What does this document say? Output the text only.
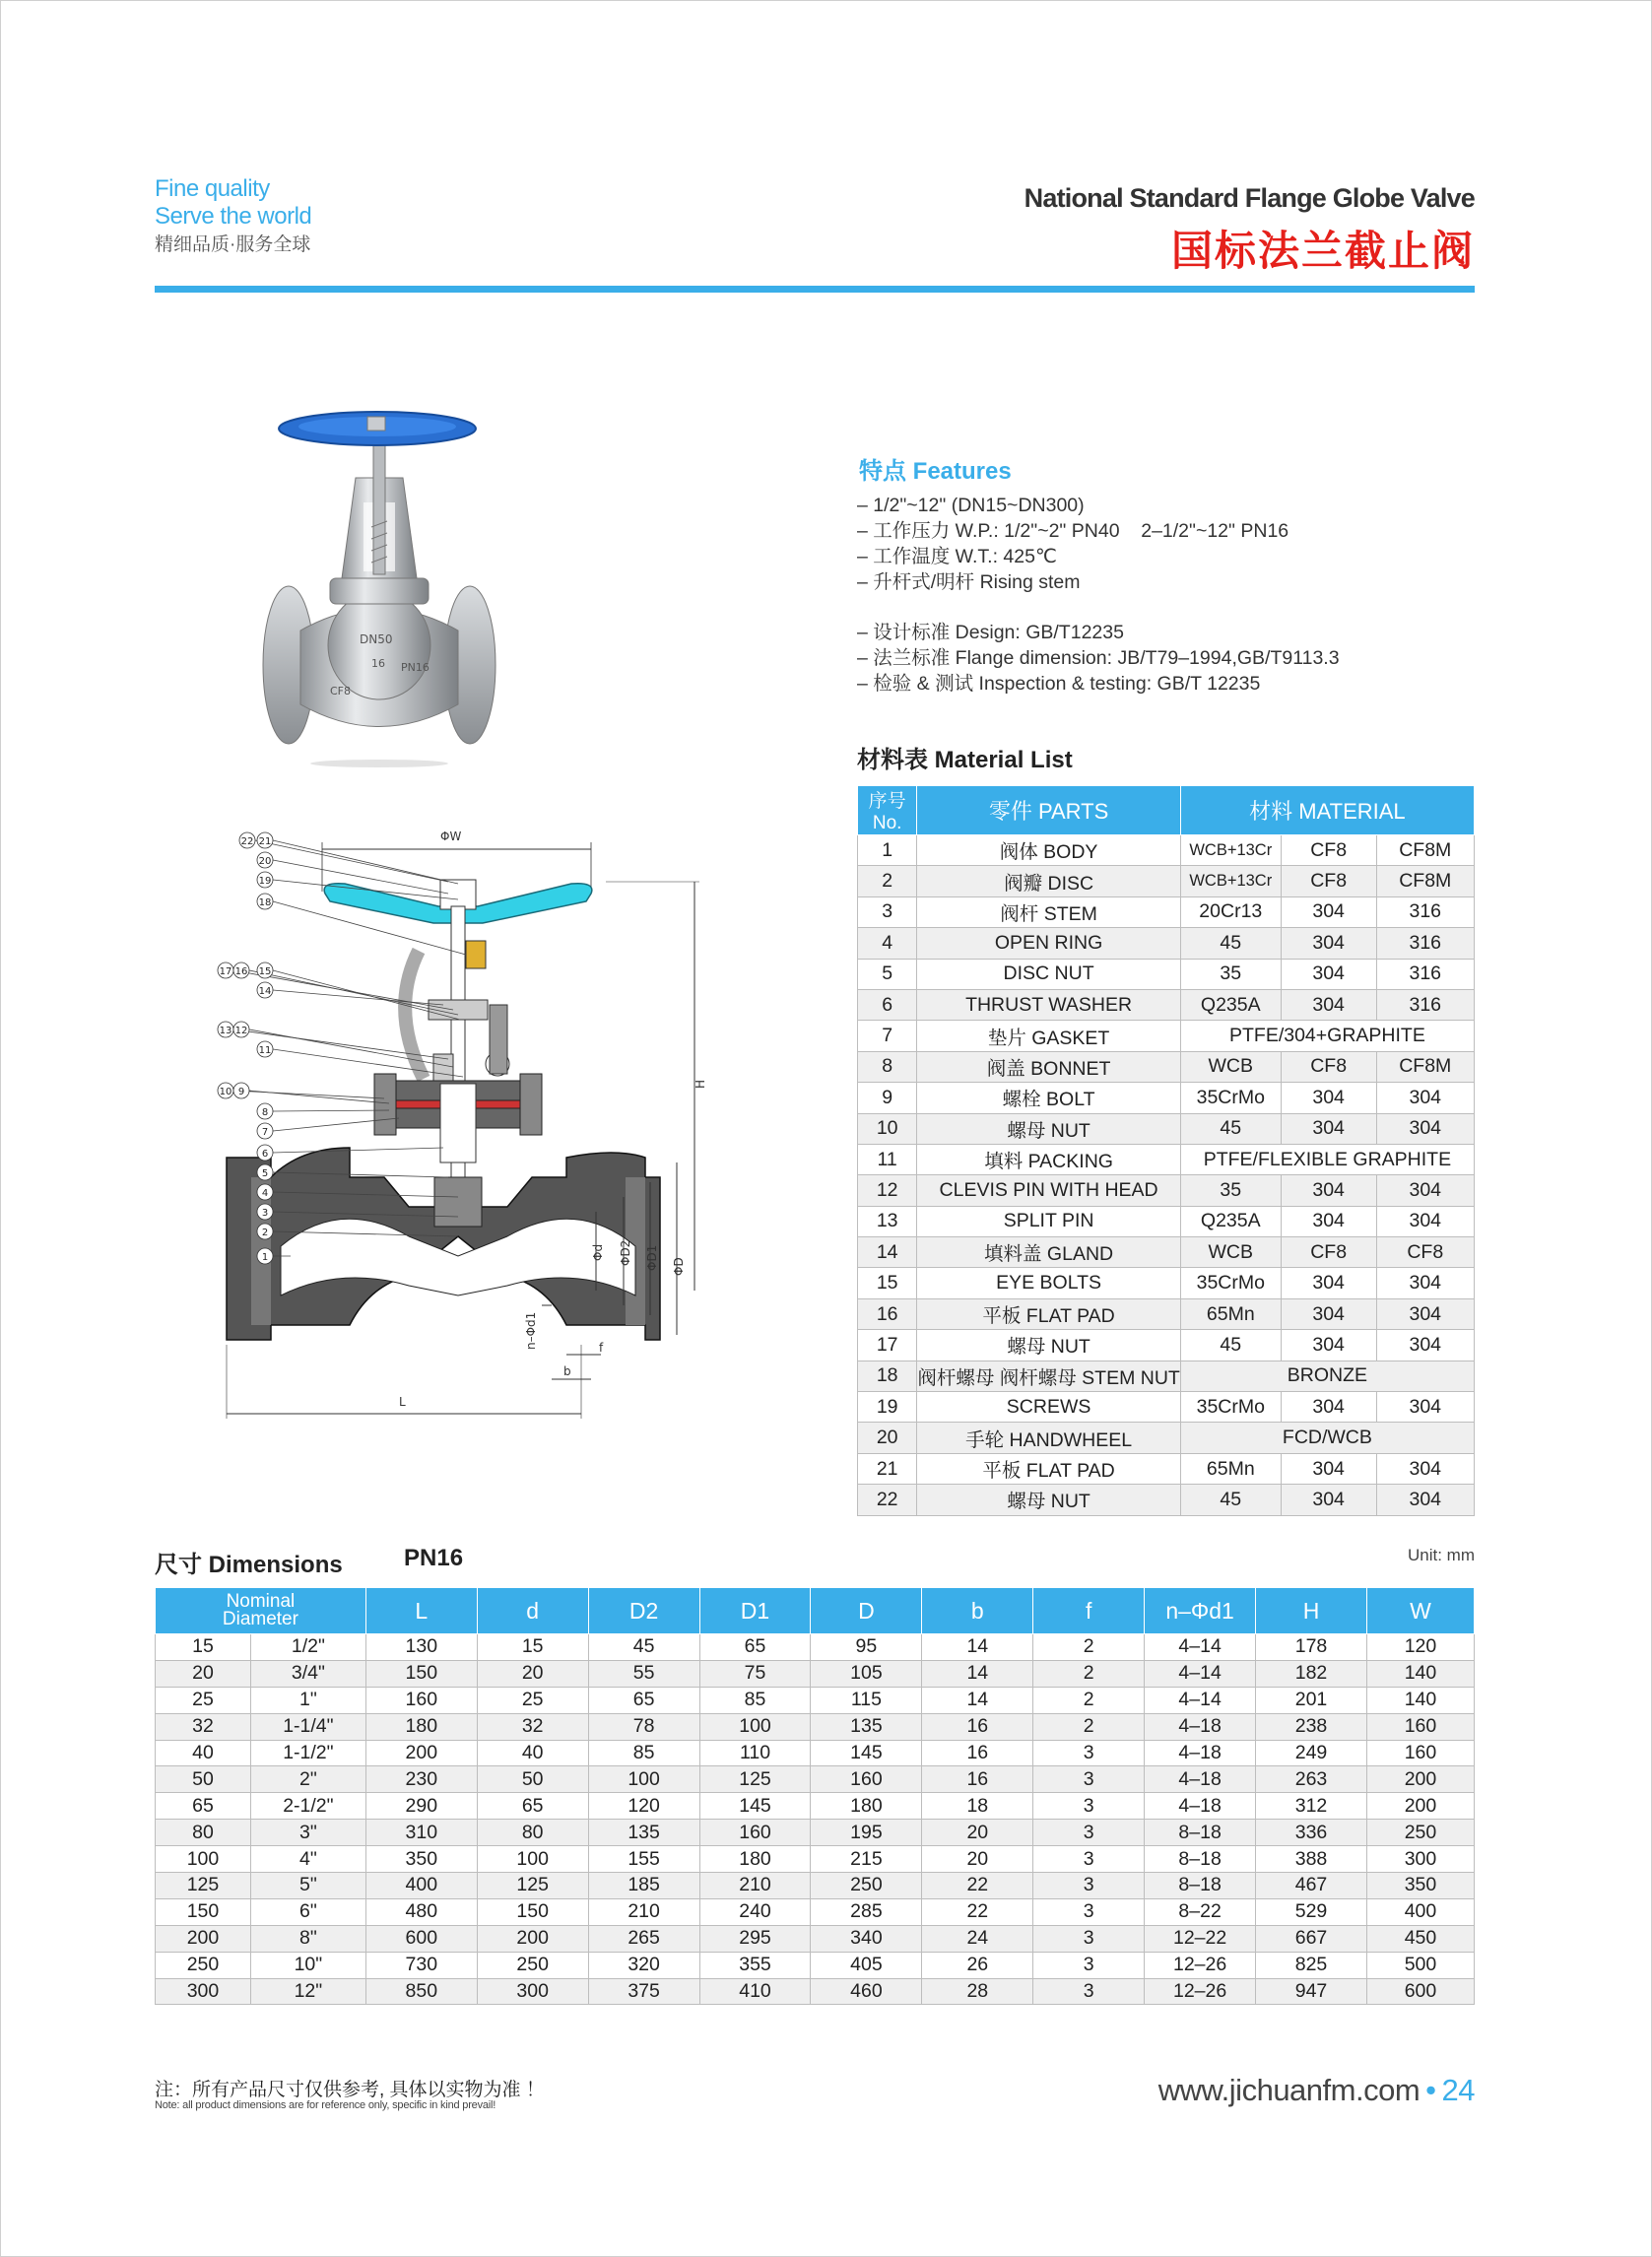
Fine quality
Serve the world
精细品质·服务全球
National Standard Flange Globe Valve
国标法兰截止阀
DN50
16
CF8
PN16
ΦW
H
Φd ΦD2 ΦD1 ΦD
n–Φd1	f
b
L
22 21
20
19
18
17 16 15
14
13 12
11
10 9
8
7
6
5
4
3
2
1
特点 Features
– 1/2"~12" (DN15~DN300)
– 工作压力 W.P.: 1/2"~2" PN40    2–1/2"~12" PN16
– 工作温度 W.T.: 425℃
– 升杆式/明杆 Rising stem
– 设计标准 Design: GB/T12235
– 法兰标准 Flange dimension: JB/T79–1994,GB/T9113.3
– 检验 & 测试 Inspection & testing: GB/T 12235
材料表 Material List
序号No.	零件 PARTS	材料 MATERIAL		
1	阀体 BODY	WCB+13Cr	CF8	CF8M
2	阀瓣 DISC	WCB+13Cr	CF8	CF8M
3	阀杆 STEM	20Cr13	304	316
4	OPEN RING	45	304	316
5	DISC NUT	35	304	316
6	THRUST WASHER	Q235A	304	316
7	垫片 GASKET	PTFE/304+GRAPHITE		
8	阀盖 BONNET	WCB	CF8	CF8M
9	螺栓 BOLT	35CrMo	304	304
10	螺母 NUT	45	304	304
11	填料 PACKING	PTFE/FLEXIBLE GRAPHITE		
12	CLEVIS PIN WITH HEAD	35	304	304
13	SPLIT PIN	Q235A	304	304
14	填料盖 GLAND	WCB	CF8	CF8
15	EYE BOLTS	35CrMo	304	304
16	平板 FLAT PAD	65Mn	304	304
17	螺母 NUT	45	304	304
18	阀杆螺母 阀杆螺母 STEM NUT	BRONZE		
19	SCREWS	35CrMo	304	304
20	手轮 HANDWHEEL	FCD/WCB		
21	平板 FLAT PAD	65Mn	304	304
22	螺母 NUT	45	304	304
尺寸 Dimensions	PN16	Unit: mm
Nominal
Diameter		L	d	D2	D1	D	b	f	n–Φd1	H	W
15	1/2"	130	15	45	65	95	14	2	4–14	178	120
20	3/4"	150	20	55	75	105	14	2	4–14	182	140
25	1"	160	25	65	85	115	14	2	4–14	201	140
32	1-1/4"	180	32	78	100	135	16	2	4–18	238	160
40	1-1/2"	200	40	85	110	145	16	3	4–18	249	160
50	2"	230	50	100	125	160	16	3	4–18	263	200
65	2-1/2"	290	65	120	145	180	18	3	4–18	312	200
80	3"	310	80	135	160	195	20	3	8–18	336	250
100	4"	350	100	155	180	215	20	3	8–18	388	300
125	5"	400	125	185	210	250	22	3	8–18	467	350
150	6"	480	150	210	240	285	22	3	8–22	529	400
200	8"	600	200	265	295	340	24	3	12–22	667	450
250	10"	730	250	320	355	405	26	3	12–26	825	500
300	12"	850	300	375	410	460	28	3	12–26	947	600
注：所有产品尺寸仅供参考, 具体以实物为准 ！
Note: all product dimensions are for reference only, specific in kind prevail!	www.jichuanfm.com • 24
